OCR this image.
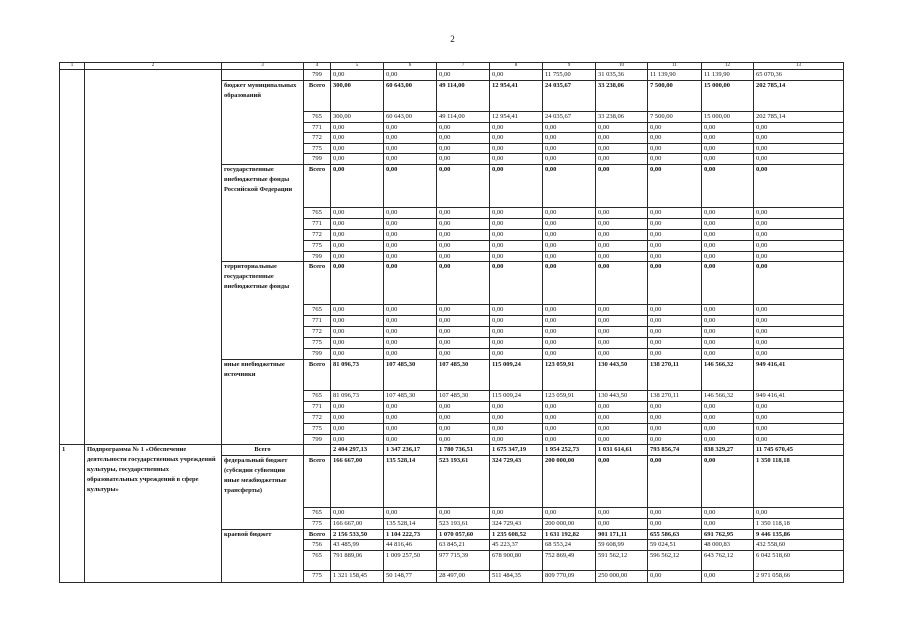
2
1	2	3	4	5	6	7	8	9	10	11	12	13
			799	0,00	0,00	0,00	0,00	11 755,00	31 035,36	11 139,90	11 139,90	65 070,36
		бюджет муниципальных образований	Всего	300,00	60 643,00	49 114,00	12 954,41	24 035,67	33 238,06	7 500,00	15 000,00	202 785,14
			765	300,00	60 643,00	49 114,00	12 954,41	24 035,67	33 238,06	7 500,00	15 000,00	202 785,14
			771	0,00	0,00	0,00	0,00	0,00	0,00	0,00	0,00	0,00
			772	0,00	0,00	0,00	0,00	0,00	0,00	0,00	0,00	0,00
			775	0,00	0,00	0,00	0,00	0,00	0,00	0,00	0,00	0,00
			799	0,00	0,00	0,00	0,00	0,00	0,00	0,00	0,00	0,00
		государственные внебюджетные фонды Российской Федерации	Всего	0,00	0,00	0,00	0,00	0,00	0,00	0,00	0,00	0,00
			765	0,00	0,00	0,00	0,00	0,00	0,00	0,00	0,00	0,00
			771	0,00	0,00	0,00	0,00	0,00	0,00	0,00	0,00	0,00
			772	0,00	0,00	0,00	0,00	0,00	0,00	0,00	0,00	0,00
			775	0,00	0,00	0,00	0,00	0,00	0,00	0,00	0,00	0,00
			799	0,00	0,00	0,00	0,00	0,00	0,00	0,00	0,00	0,00
		территориальные государственные внебюджетные фонды	Всего	0,00	0,00	0,00	0,00	0,00	0,00	0,00	0,00	0,00
			765	0,00	0,00	0,00	0,00	0,00	0,00	0,00	0,00	0,00
			771	0,00	0,00	0,00	0,00	0,00	0,00	0,00	0,00	0,00
			772	0,00	0,00	0,00	0,00	0,00	0,00	0,00	0,00	0,00
			775	0,00	0,00	0,00	0,00	0,00	0,00	0,00	0,00	0,00
			799	0,00	0,00	0,00	0,00	0,00	0,00	0,00	0,00	0,00
		иные внебюджетные источники	Всего	81 096,73	107 485,30	107 485,30	115 009,24	123 059,91	130 443,50	138 270,11	146 566,32	949 416,41
			765	81 096,73	107 485,30	107 485,30	115 009,24	123 059,91	130 443,50	138 270,11	146 566,32	949 416,41
			771	0,00	0,00	0,00	0,00	0,00	0,00	0,00	0,00	0,00
			772	0,00	0,00	0,00	0,00	0,00	0,00	0,00	0,00	0,00
			775	0,00	0,00	0,00	0,00	0,00	0,00	0,00	0,00	0,00
			799	0,00	0,00	0,00	0,00	0,00	0,00	0,00	0,00	0,00
1	Подпрограмма № 1 «Обеспечение деятельности государственных учреждений культуры, государственных образовательных учреждений в сфере культуры»	Всего		2 404 297,13	1 347 236,17	1 780 736,51	1 675 347,19	1 954 252,73	1 031 614,61	793 856,74	838 329,27	11 745 670,45
		федеральный бюджет (субсидии субвенции иные межбюджетные трансферты)	Всего	166 667,00	135 528,14	523 193,61	324 729,43	200 000,00	0,00	0,00	0,00	1 350 118,18
			765	0,00	0,00	0,00	0,00	0,00	0,00	0,00	0,00	0,00
			775	166 667,00	135 528,14	523 193,61	324 729,43	200 000,00	0,00	0,00	0,00	1 350 118,18
		краевой бюджет	Всего	2 156 533,50	1 104 222,73	1 070 057,60	1 235 608,52	1 631 192,82	901 171,11	655 586,63	691 762,95	9 446 135,86
			756	43 485,99	44 816,46	63 845,21	45 223,37	68 553,24	59 608,99	59 024,51	48 000,83	432 558,60
			765	791 889,06	1 009 257,50	977 715,39	678 900,80	752 869,49	591 562,12	596 562,12	643 762,12	6 042 518,60
			775	1 321 158,45	50 148,77	28 497,00	511 484,35	809 770,09	250 000,00	0,00	0,00	2 971 058,66
